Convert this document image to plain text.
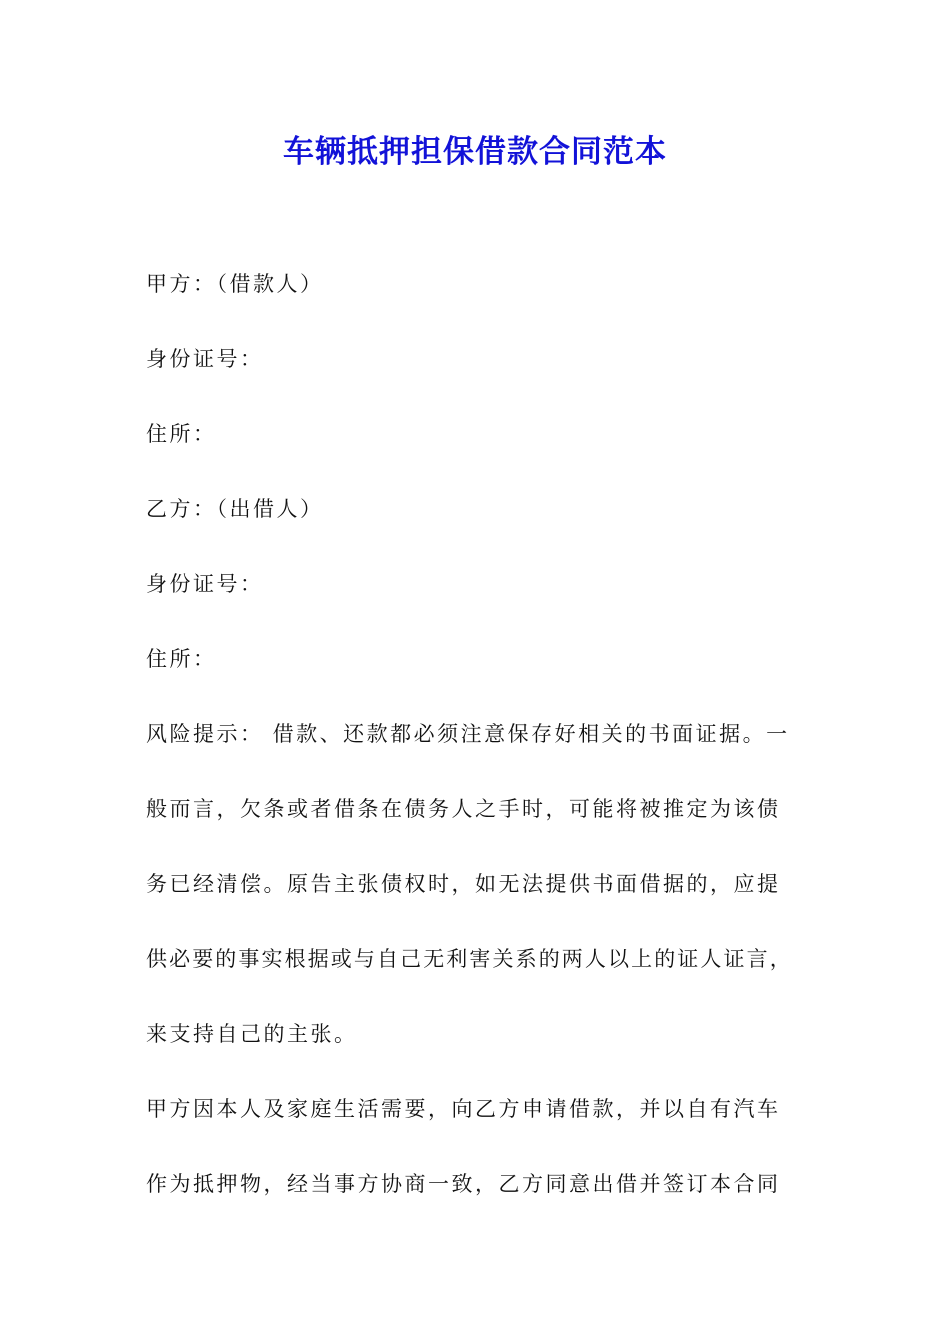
车辆抵押担保借款合同范本
甲方：（借款人）
身份证号：
住所：
乙方：（出借人）
身份证号：
住所：
风险提示： 借款、还款都必须注意保存好相关的书面证据。一
般而言，欠条或者借条在债务人之手时，可能将被推定为该债
务已经清偿。原告主张债权时，如无法提供书面借据的，应提
供必要的事实根据或与自己无利害关系的两人以上的证人证言，
来支持自己的主张。
甲方因本人及家庭生活需要，向乙方申请借款，并以自有汽车
作为抵押物，经当事方协商一致，乙方同意出借并签订本合同
